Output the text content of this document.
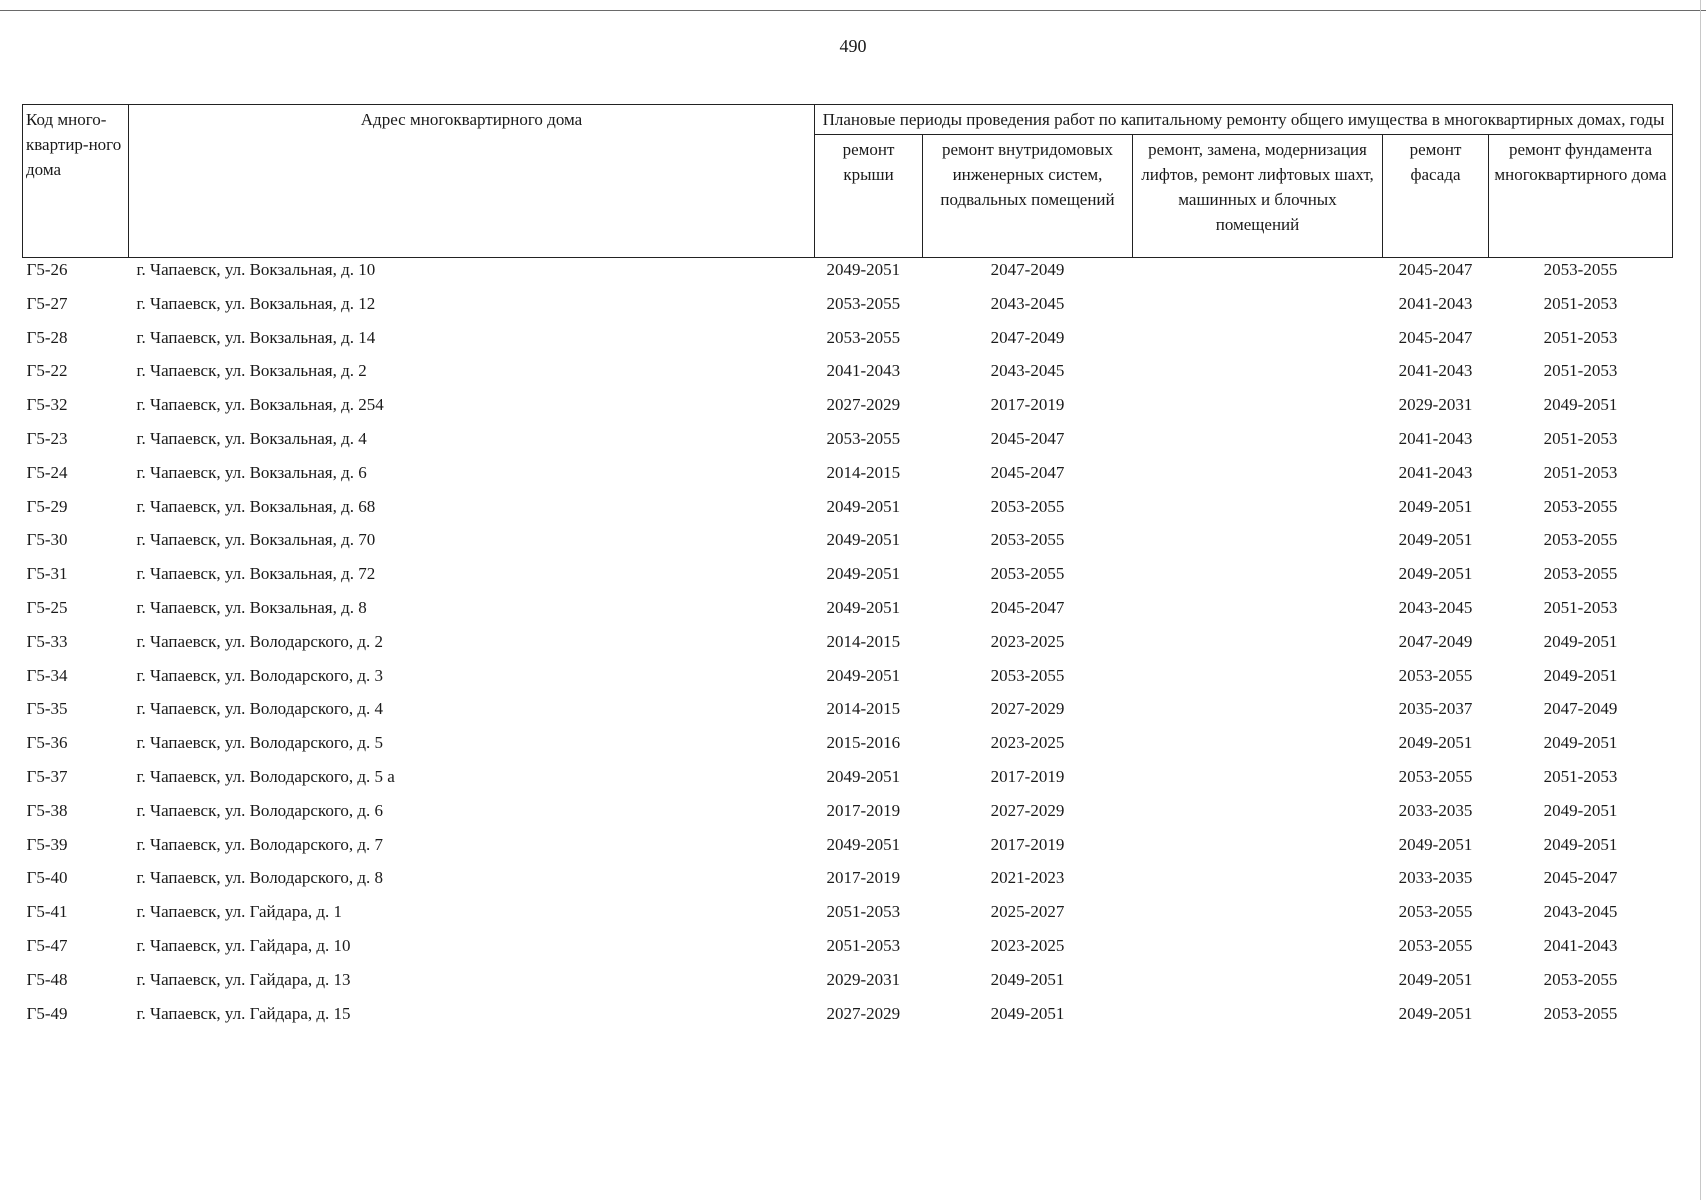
490
Код много-квартир-ного дома	Адрес многоквартирного дома	Плановые периоды проведения работ по капитальному ремонту общего имущества в многоквартирных домах, годы				
		ремонт крыши	ремонт внутридомовых инженерных систем, подвальных помещений	ремонт, замена, модернизация лифтов, ремонт лифтовых шахт, машинных и блочных помещений	ремонт фасада	ремонт фундамента многоквартирного дома
Г5-26	г. Чапаевск, ул. Вокзальная, д. 10	2049-2051	2047-2049		2045-2047	2053-2055
Г5-27	г. Чапаевск, ул. Вокзальная, д. 12	2053-2055	2043-2045		2041-2043	2051-2053
Г5-28	г. Чапаевск, ул. Вокзальная, д. 14	2053-2055	2047-2049		2045-2047	2051-2053
Г5-22	г. Чапаевск, ул. Вокзальная, д. 2	2041-2043	2043-2045		2041-2043	2051-2053
Г5-32	г. Чапаевск, ул. Вокзальная, д. 254	2027-2029	2017-2019		2029-2031	2049-2051
Г5-23	г. Чапаевск, ул. Вокзальная, д. 4	2053-2055	2045-2047		2041-2043	2051-2053
Г5-24	г. Чапаевск, ул. Вокзальная, д. 6	2014-2015	2045-2047		2041-2043	2051-2053
Г5-29	г. Чапаевск, ул. Вокзальная, д. 68	2049-2051	2053-2055		2049-2051	2053-2055
Г5-30	г. Чапаевск, ул. Вокзальная, д. 70	2049-2051	2053-2055		2049-2051	2053-2055
Г5-31	г. Чапаевск, ул. Вокзальная, д. 72	2049-2051	2053-2055		2049-2051	2053-2055
Г5-25	г. Чапаевск, ул. Вокзальная, д. 8	2049-2051	2045-2047		2043-2045	2051-2053
Г5-33	г. Чапаевск, ул. Володарского, д. 2	2014-2015	2023-2025		2047-2049	2049-2051
Г5-34	г. Чапаевск, ул. Володарского, д. 3	2049-2051	2053-2055		2053-2055	2049-2051
Г5-35	г. Чапаевск, ул. Володарского, д. 4	2014-2015	2027-2029		2035-2037	2047-2049
Г5-36	г. Чапаевск, ул. Володарского, д. 5	2015-2016	2023-2025		2049-2051	2049-2051
Г5-37	г. Чапаевск, ул. Володарского, д. 5 а	2049-2051	2017-2019		2053-2055	2051-2053
Г5-38	г. Чапаевск, ул. Володарского, д. 6	2017-2019	2027-2029		2033-2035	2049-2051
Г5-39	г. Чапаевск, ул. Володарского, д. 7	2049-2051	2017-2019		2049-2051	2049-2051
Г5-40	г. Чапаевск, ул. Володарского, д. 8	2017-2019	2021-2023		2033-2035	2045-2047
Г5-41	г. Чапаевск, ул. Гайдара, д. 1	2051-2053	2025-2027		2053-2055	2043-2045
Г5-47	г. Чапаевск, ул. Гайдара, д. 10	2051-2053	2023-2025		2053-2055	2041-2043
Г5-48	г. Чапаевск, ул. Гайдара, д. 13	2029-2031	2049-2051		2049-2051	2053-2055
Г5-49	г. Чапаевск, ул. Гайдара, д. 15	2027-2029	2049-2051		2049-2051	2053-2055
